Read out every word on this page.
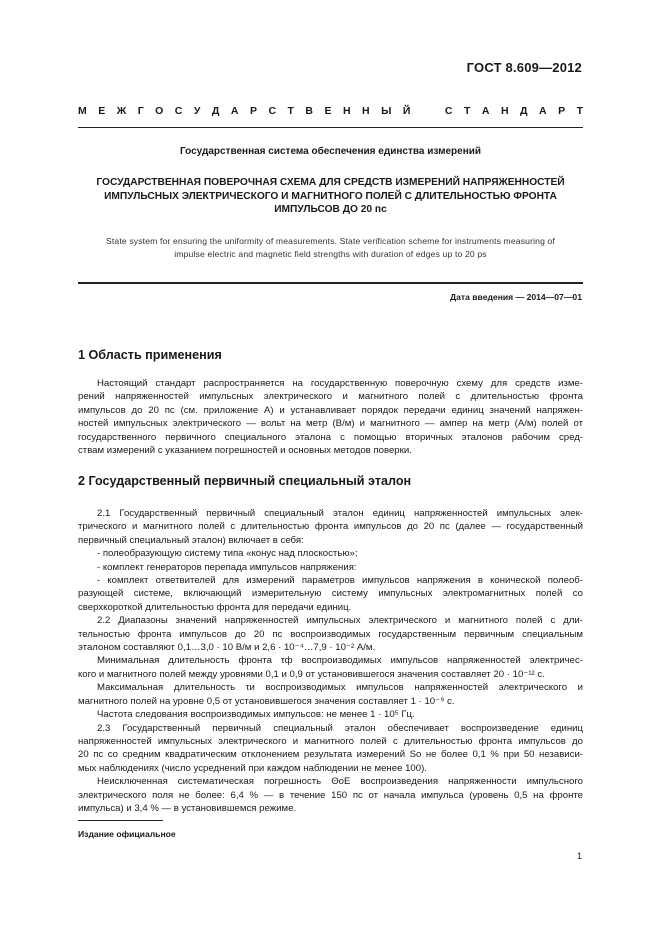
ГОСТ 8.609—2012
М Е Ж Г О С У Д А Р С Т В Е Н Н Ы Й   С Т А Н Д А Р Т
Государственная система обеспечения единства измерений
ГОСУДАРСТВЕННАЯ ПОВЕРОЧНАЯ СХЕМА ДЛЯ СРЕДСТВ ИЗМЕРЕНИЙ НАПРЯЖЕННОСТЕЙ
ИМПУЛЬСНЫХ ЭЛЕКТРИЧЕСКОГО И МАГНИТНОГО ПОЛЕЙ С ДЛИТЕЛЬНОСТЬЮ ФРОНТА
ИМПУЛЬСОВ ДО 20 пс
State system for ensuring the uniformity of measurements. State verification scheme for instruments measuring of
impulse electric and magnetic field strengths with duration of edges up to 20 ps
Дата введения — 2014—07—01
1 Область применения
Настоящий стандарт распространяется на государственную поверочную схему для средств изме-
рений напряженностей импульсных электрического и магнитного полей с длительностью фронта
импульсов до 20 пс (см. приложение А) и устанавливает порядок передачи единиц значений напряжен-
ностей импульсных электрического — вольт на метр (В/м) и магнитного — ампер на метр (А/м) полей от
государственного первичного специального эталона с помощью вторичных эталонов рабочим сред-
ствам измерений с указанием погрешностей и основных методов поверки.
2 Государственный первичный специальный эталон
2.1 Государственный первичный специальный эталон единиц напряженностей импульсных элек-
трического и магнитного полей с длительностью фронта импульсов до 20 пс (далее — государственный
первичный специальный эталон) включает в себя:
- полеобразующую систему типа «конус над плоскостью»;
- комплект генераторов перепада импульсов напряжения:
- комплект ответвителей для измерений параметров импульсов напряжения в конической полеоб-
разующей системе, включающий измерительную систему импульсных электромагнитных полей со
сверхкороткой длительностью фронта для передачи единиц.
2.2 Диапазоны значений напряженностей импульсных электрического и магнитного полей с дли-
тельностью фронта импульсов до 20 пс воспроизводимых государственным первичным специальным
эталоном составляют 0,1…3,0 · 10 В/м и 2,6 · 10⁻⁴…7,9 · 10⁻² А/м.
Минимальная длительность фронта τф воспроизводимых импульсов напряженностей электричес-
кого и магнитного полей между уровнями 0,1 и 0,9 от установившегося значения составляет 20 · 10⁻¹² с.
Максимальная длительность τи воспроизводимых импульсов напряженностей электрического и
магнитного полей на уровне 0,5 от установившегося значения составляет 1 · 10⁻⁹ с.
Частота следования воспроизводимых импульсов: не менее 1 · 10⁵ Гц.
2.3 Государственный первичный специальный эталон обеспечивает воспроизведение единиц
напряженностей импульсных электрического и магнитного полей с длительностью фронта импульсов до
20 пс со средним квадратическим отклонением результата измерений Sо не более 0,1 % при 50 независи-
мых наблюдениях (число усреднений при каждом наблюдении не менее 100).
Неисключенная систематическая погрешность ΘоЕ воспроизведения напряженности импульсного
электрического поля не более: 6,4 % — в течение 150 пс от начала импульса (уровень 0,5 на фронте
импульса) и 3,4 % — в установившемся режиме.
Издание официальное
1
